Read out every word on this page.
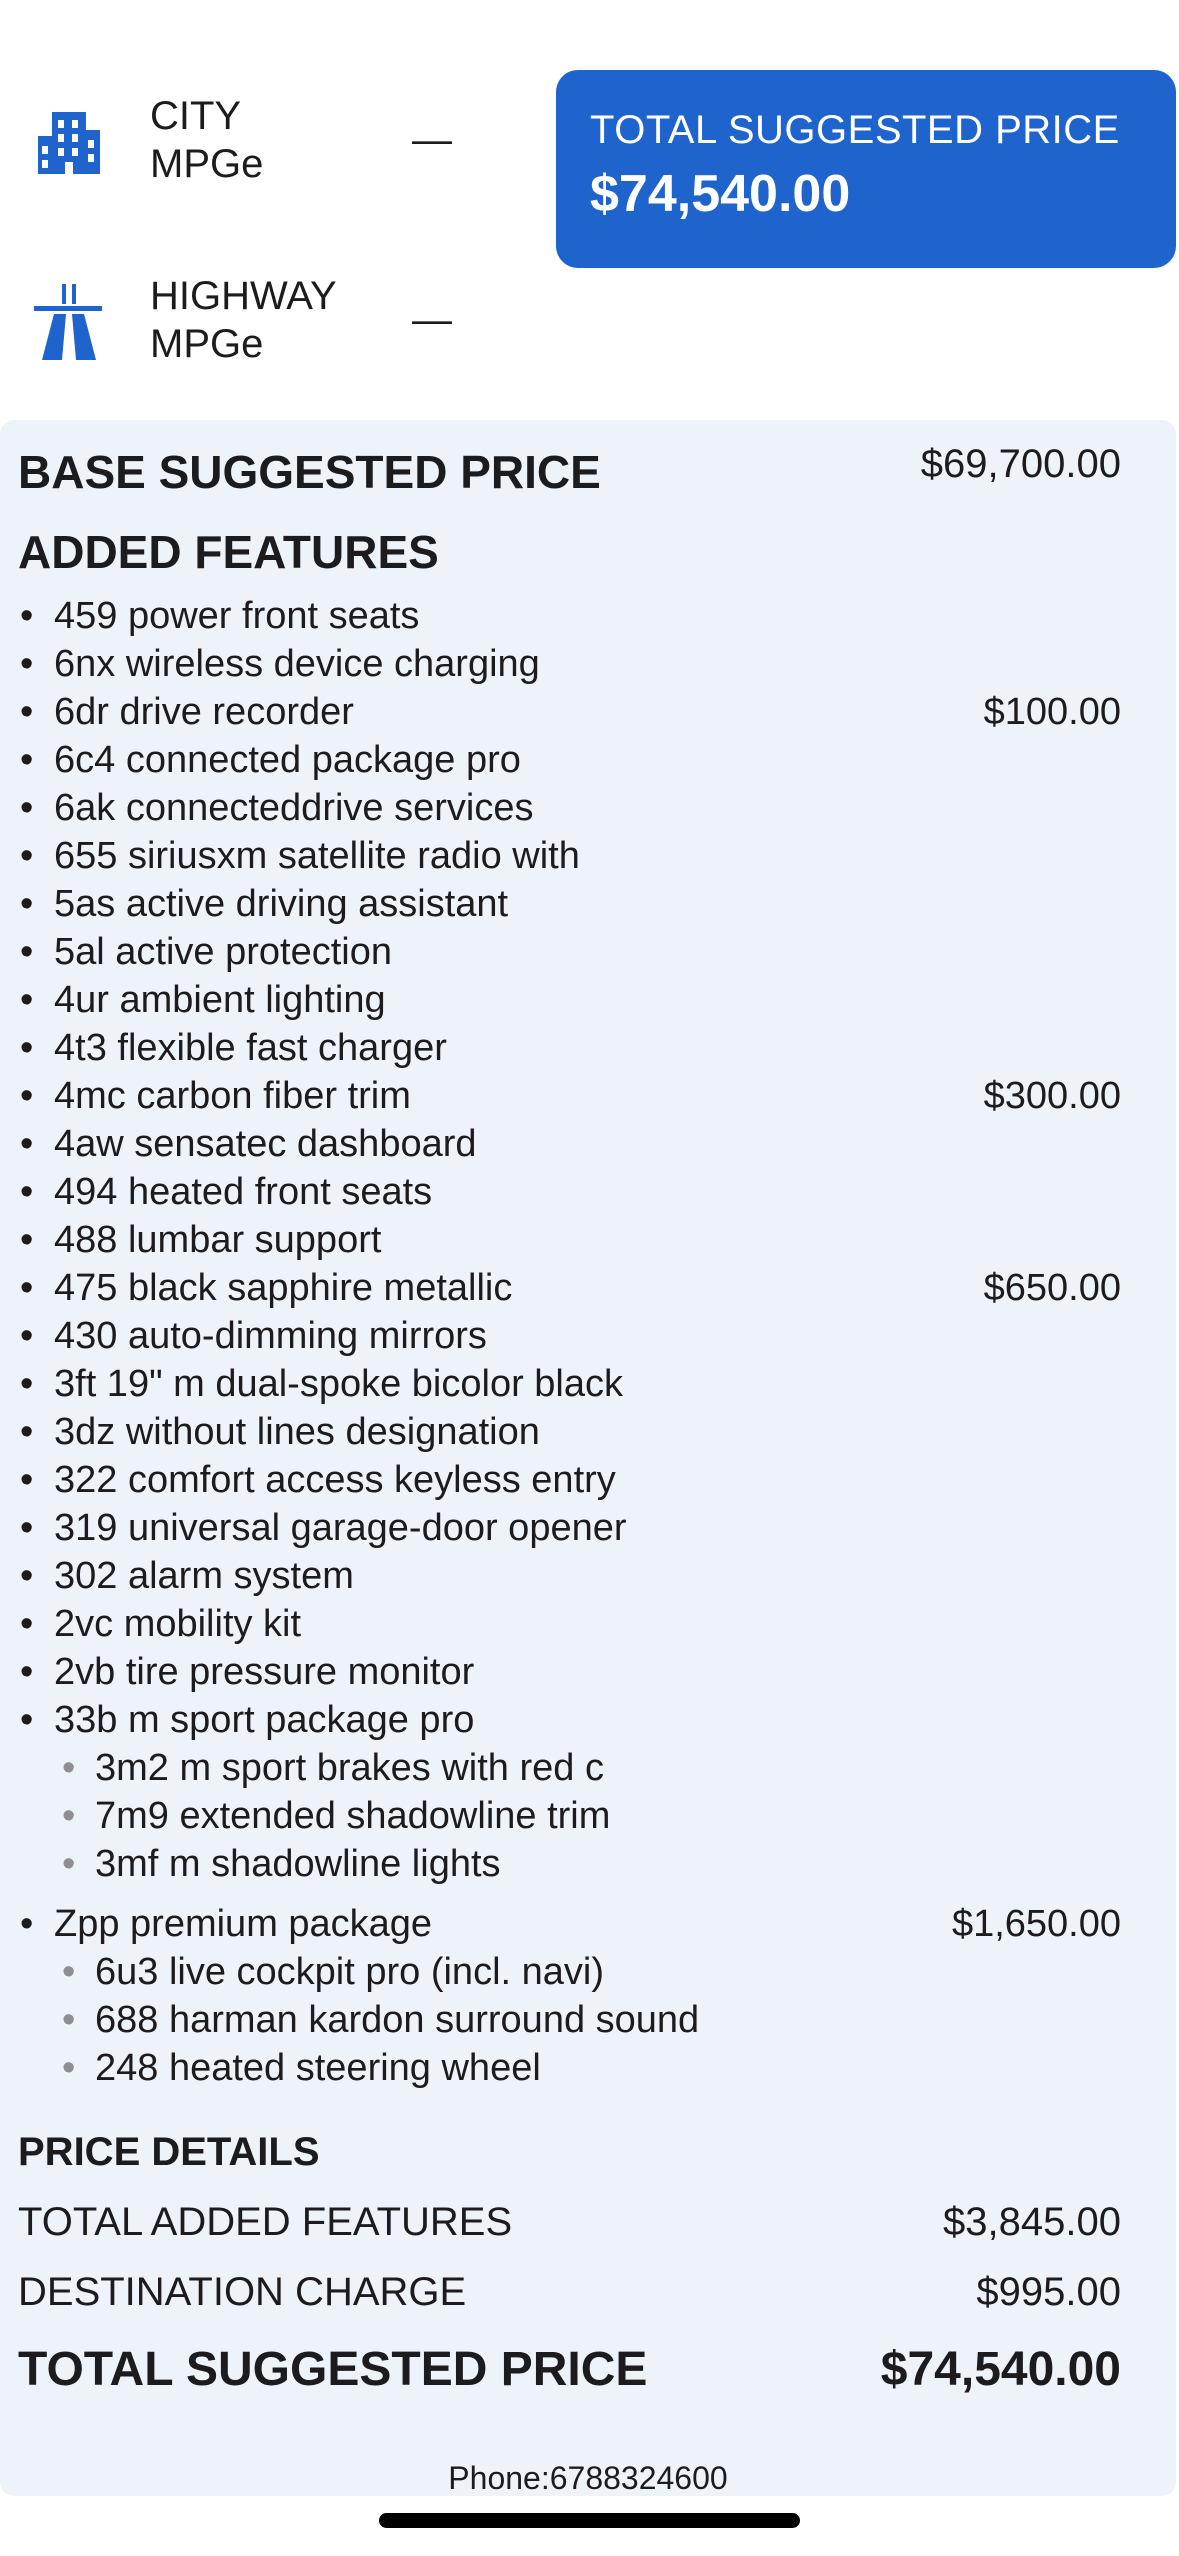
CITY
MPGe
—
HIGHWAY
MPGe
—
TOTAL SUGGESTED PRICE
$74,540.00
BASE SUGGESTED PRICE	$69,700.00
ADDED FEATURES
• 459 power front seats
• 6nx wireless device charging
• 6dr drive recorder	$100.00
• 6c4 connected package pro
• 6ak connecteddrive services
• 655 siriusxm satellite radio with
• 5as active driving assistant
• 5al active protection
• 4ur ambient lighting
• 4t3 flexible fast charger
• 4mc carbon fiber trim	$300.00
• 4aw sensatec dashboard
• 494 heated front seats
• 488 lumbar support
• 475 black sapphire metallic	$650.00
• 430 auto-dimming mirrors
• 3ft 19" m dual-spoke bicolor black
• 3dz without lines designation
• 322 comfort access keyless entry
• 319 universal garage-door opener
• 302 alarm system
• 2vc mobility kit
• 2vb tire pressure monitor
• 33b m sport package pro
• 3m2 m sport brakes with red c
• 7m9 extended shadowline trim
• 3mf m shadowline lights
• Zpp premium package	$1,650.00
• 6u3 live cockpit pro (incl. navi)
• 688 harman kardon surround sound
• 248 heated steering wheel
PRICE DETAILS
TOTAL ADDED FEATURES	$3,845.00
DESTINATION CHARGE	$995.00
TOTAL SUGGESTED PRICE	$74,540.00
Phone:6788324600
